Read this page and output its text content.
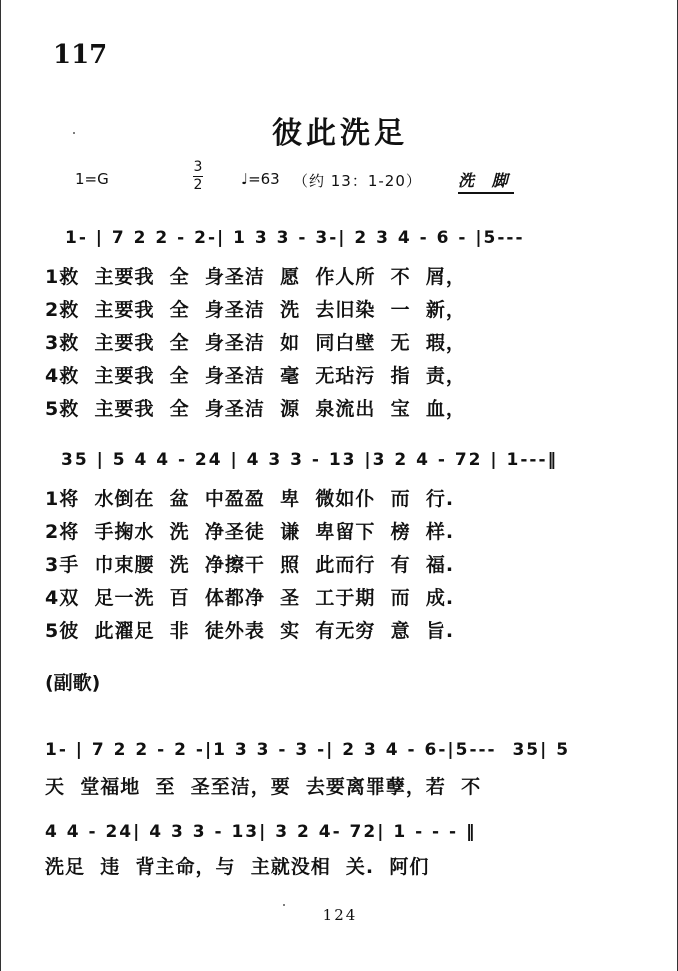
117
彼此洗足
1=G
3
2	♩=63 （约 13：1-20） 洗 脚
1- | 7 2 2 - 2-| 1 3 3 - 3-| 2 3 4 - 6 - |5---
1救  主要我  全  身圣洁  愿  作人所  不  屑，
2救  主要我  全  身圣洁  洗  去旧染  一  新，
3救  主要我  全  身圣洁  如  同白壁  无  瑕，
4救  主要我  全  身圣洁  毫  无玷污  指  责，
5救  主要我  全  身圣洁  源  泉流出  宝  血，
35 | 5 4 4 - 24 | 4 3 3 - 13 |3 2 4 - 72 | 1---‖
1将  水倒在  盆  中盈盈  卑  微如仆  而  行.
2将  手掬水  洗  净圣徒  谦  卑留下  榜  样.
3手  巾束腰  洗  净擦干  照  此而行  有  福.
4双  足一洗  百  体都净  圣  工于期  而  成.
5彼  此濯足  非  徒外表  实  有无穷  意  旨.
(副歌)
1- | 7 2 2 - 2 -|1 3 3 - 3 -| 2 3 4 - 6-|5---  35| 5
天  堂福地  至  圣至洁，要  去要离罪孽，若  不
4 4 - 24| 4 3 3 - 13| 3 2 4- 72| 1 - - - ‖
洗足  违  背主命，与  主就没相  关.  阿们
124
